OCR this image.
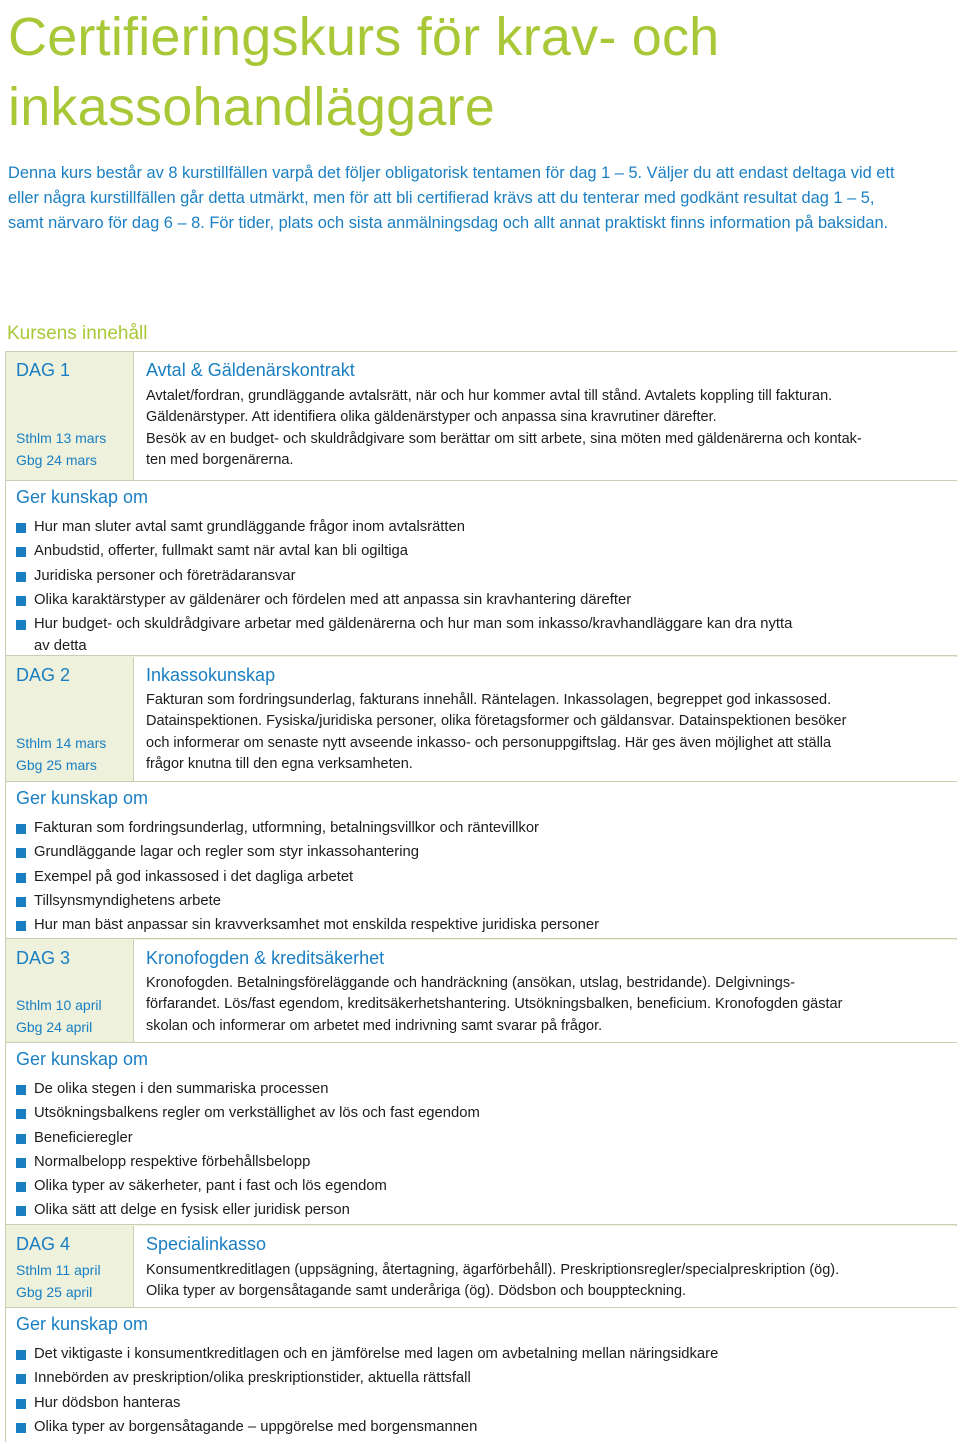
Certifieringskurs för krav- och
inkassohandläggare
Denna kurs består av 8 kurstillfällen varpå det följer obligatorisk tentamen för dag 1 – 5. Väljer du att endast deltaga vid ett
eller några kurstillfällen går detta utmärkt, men för att bli certifierad krävs att du tenterar med godkänt resultat dag 1 – 5,
samt närvaro för dag 6 – 8. För tider, plats och sista anmälningsdag och allt annat praktiskt finns information på baksidan.
Kursens innehåll
DAG 1
Sthlm 13 mars
Gbg 24 mars
Avtal & Gäldenärskontrakt
Avtalet/fordran, grundläggande avtalsrätt, när och hur kommer avtal till stånd. Avtalets koppling till fakturan.
Gäldenärstyper. Att identifiera olika gäldenärstyper och anpassa sina kravrutiner därefter.
Besök av en budget- och skuldrådgivare som berättar om sitt arbete, sina möten med gäldenärerna och kontak-
ten med borgenärerna.
Ger kunskap om
Hur man sluter avtal samt grundläggande frågor inom avtalsrätten
Anbudstid, offerter, fullmakt samt när avtal kan bli ogiltiga
Juridiska personer och företrädaransvar
Olika karaktärstyper av gäldenärer och fördelen med att anpassa sin kravhantering därefter
Hur budget- och skuldrådgivare arbetar med gäldenärerna och hur man som inkasso/kravhandläggare kan dra nytta
av detta
DAG 2
Sthlm 14 mars
Gbg 25 mars
Inkassokunskap
Fakturan som fordringsunderlag, fakturans innehåll. Räntelagen. Inkassolagen, begreppet god inkassosed.
Datainspektionen. Fysiska/juridiska personer, olika företagsformer och gäldansvar. Datainspektionen besöker
och informerar om senaste nytt avseende inkasso- och personuppgiftslag. Här ges även möjlighet att ställa
frågor knutna till den egna verksamheten.
Ger kunskap om
Fakturan som fordringsunderlag, utformning, betalningsvillkor och räntevillkor
Grundläggande lagar och regler som styr inkassohantering
Exempel på god inkassosed i det dagliga arbetet
Tillsynsmyndighetens arbete
Hur man bäst anpassar sin kravverksamhet mot enskilda respektive juridiska personer
DAG 3
Sthlm 10 april
Gbg 24 april
Kronofogden & kreditsäkerhet
Kronofogden. Betalningsföreläggande och handräckning (ansökan, utslag, bestridande). Delgivnings-
förfarandet. Lös/fast egendom, kreditsäkerhetshantering. Utsökningsbalken, beneficium. Kronofogden gästar
skolan och informerar om arbetet med indrivning samt svarar på frågor.
Ger kunskap om
De olika stegen i den summariska processen
Utsökningsbalkens regler om verkställighet av lös och fast egendom
Beneficieregler
Normalbelopp respektive förbehållsbelopp
Olika typer av säkerheter, pant i fast och lös egendom
Olika sätt att delge en fysisk eller juridisk person
DAG 4
Sthlm 11 april
Gbg 25 april
Specialinkasso
Konsumentkreditlagen (uppsägning, återtagning, ägarförbehåll). Preskriptionsregler/specialpreskription (ög).
Olika typer av borgensåtagande samt underåriga (ög). Dödsbon och bouppteckning.
Ger kunskap om
Det viktigaste i konsumentkreditlagen och en jämförelse med lagen om avbetalning mellan näringsidkare
Innebörden av preskription/olika preskriptionstider, aktuella rättsfall
Hur dödsbon hanteras
Olika typer av borgensåtagande – uppgörelse med borgensmannen
